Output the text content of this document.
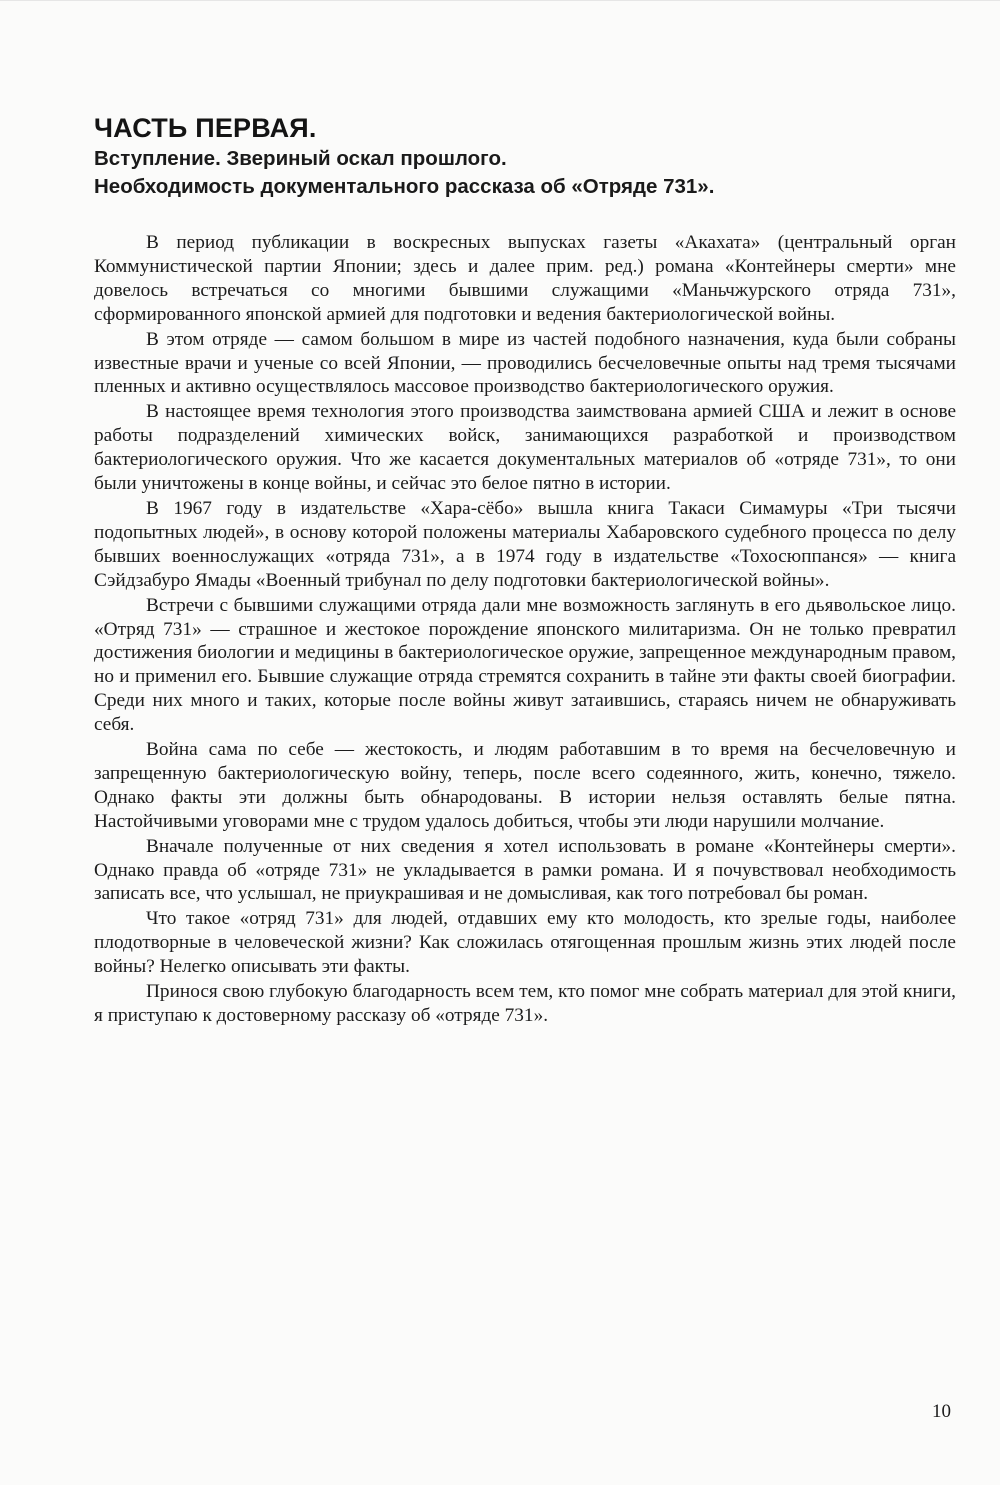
ЧАСТЬ ПЕРВАЯ.
Вступление. Звериный оскал прошлого.
Необходимость документального рассказа об «Отряде 731».

В период публикации в воскресных выпусках газеты «Акахата» (центральный орган Коммунистической партии Японии; здесь и далее прим. ред.) романа «Контейнеры смерти» мне довелось встречаться со многими бывшими служащими «Маньчжурского отряда 731», сформированного японской армией для подготовки и ведения бактериологической войны.

В этом отряде — самом большом в мире из частей подобного назначения, куда были собраны известные врачи и ученые со всей Японии, — проводились бесчеловечные опыты над тремя тысячами пленных и активно осуществлялось массовое производство бактериологического оружия.

В настоящее время технология этого производства заимствована армией США и лежит в основе работы подразделений химических войск, занимающихся разработкой и производством бактериологического оружия. Что же касается документальных материалов об «отряде 731», то они были уничтожены в конце войны, и сейчас это белое пятно в истории.

В 1967 году в издательстве «Хара-сёбо» вышла книга Такаси Симамуры «Три тысячи подопытных людей», в основу которой положены материалы Хабаровского судебного процесса по делу бывших военнослужащих «отряда 731», а в 1974 году в издательстве «Тохосюппанся» — книга Сэйдзабуро Ямады «Военный трибунал по делу подготовки бактериологической войны».

Встречи с бывшими служащими отряда дали мне возможность заглянуть в его дьявольское лицо. «Отряд 731» — страшное и жестокое порождение японского милитаризма. Он не только превратил достижения биологии и медицины в бактериологическое оружие, запрещенное международным правом, но и применил его. Бывшие служащие отряда стремятся сохранить в тайне эти факты своей биографии. Среди них много и таких, которые после войны живут затаившись, стараясь ничем не обнаруживать себя.

Война сама по себе — жестокость, и людям работавшим в то время на бесчеловечную и запрещенную бактериологическую войну, теперь, после всего содеянного, жить, конечно, тяжело. Однако факты эти должны быть обнародованы. В истории нельзя оставлять белые пятна. Настойчивыми уговорами мне с трудом удалось добиться, чтобы эти люди нарушили молчание.

Вначале полученные от них сведения я хотел использовать в романе «Контейнеры смерти». Однако правда об «отряде 731» не укладывается в рамки романа. И я почувствовал необходимость записать все, что услышал, не приукрашивая и не домысливая, как того потребовал бы роман.

Что такое «отряд 731» для людей, отдавших ему кто молодость, кто зрелые годы, наиболее плодотворные в человеческой жизни? Как сложилась отягощенная прошлым жизнь этих людей после войны? Нелегко описывать эти факты.

Принося свою глубокую благодарность всем тем, кто помог мне собрать материал для этой книги, я приступаю к достоверному рассказу об «отряде 731».

10
